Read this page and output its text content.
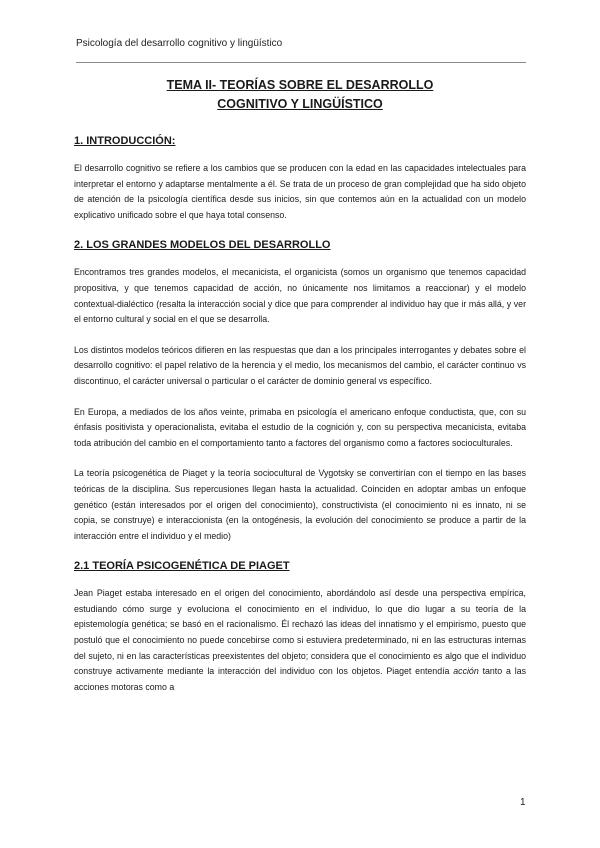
Psicología del desarrollo cognitivo y lingüístico
TEMA II- TEORÍAS SOBRE EL DESARROLLO
COGNITIVO Y LINGÜÍSTICO
1. INTRODUCCIÓN:

El desarrollo cognitivo se refiere a los cambios que se producen con la edad en las capacidades intelectuales para interpretar el entorno y adaptarse mentalmente a él. Se trata de un proceso de gran complejidad que ha sido objeto de atención de la psicología científica desde sus inicios, sin que contemos aún en la actualidad con un modelo explicativo unificado sobre el que haya total consenso.

2. LOS GRANDES MODELOS DEL DESARROLLO

Encontramos tres grandes modelos, el mecanicista, el organicista (somos un organismo que tenemos capacidad propositiva, y que tenemos capacidad de acción, no únicamente nos limitamos a reaccionar) y el modelo contextual-dialéctico (resalta la interacción social y dice que para comprender al individuo hay que ir más allá, y ver el entorno cultural y social en el que se desarrolla.

Los distintos modelos teóricos difieren en las respuestas que dan a los principales interrogantes y debates sobre el desarrollo cognitivo: el papel relativo de la herencia y el medio, los mecanismos del cambio, el carácter continuo vs discontinuo, el carácter universal o particular o el carácter de dominio general vs específico.

En Europa, a mediados de los años veinte, primaba en psicología el americano enfoque conductista, que, con su énfasis positivista y operacionalista, evitaba el estudio de la cognición y, con su perspectiva mecanicista, evitaba toda atribución del cambio en el comportamiento tanto a factores del organismo como a factores socioculturales.

La teoría psicogenética de Piaget y la teoría sociocultural de Vygotsky se convertirían con el tiempo en las bases teóricas de la disciplina. Sus repercusiones llegan hasta la actualidad. Coinciden en adoptar ambas un enfoque genético (están interesados por el origen del conocimiento), constructivista (el conocimiento ni es innato, ni se copia, se construye) e interaccionista (en la ontogénesis, la evolución del conocimiento se produce a partir de la interacción entre el individuo y el medio)

2.1 TEORÍA PSICOGENÉTICA DE PIAGET

Jean Piaget estaba interesado en el origen del conocimiento, abordándolo así desde una perspectiva empírica, estudiando cómo surge y evoluciona el conocimiento en el individuo, lo que dio lugar a su teoría de la epistemología genética; se basó en el racionalismo. Él rechazó las ideas del innatismo y el empirismo, puesto que postuló que el conocimiento no puede concebirse como si estuviera predeterminado, ni en las estructuras internas del sujeto, ni en las características preexistentes del objeto; considera que el conocimiento es algo que el individuo construye activamente mediante la interacción del individuo con los objetos. Piaget entendía acción tanto a las acciones motoras como a

1
